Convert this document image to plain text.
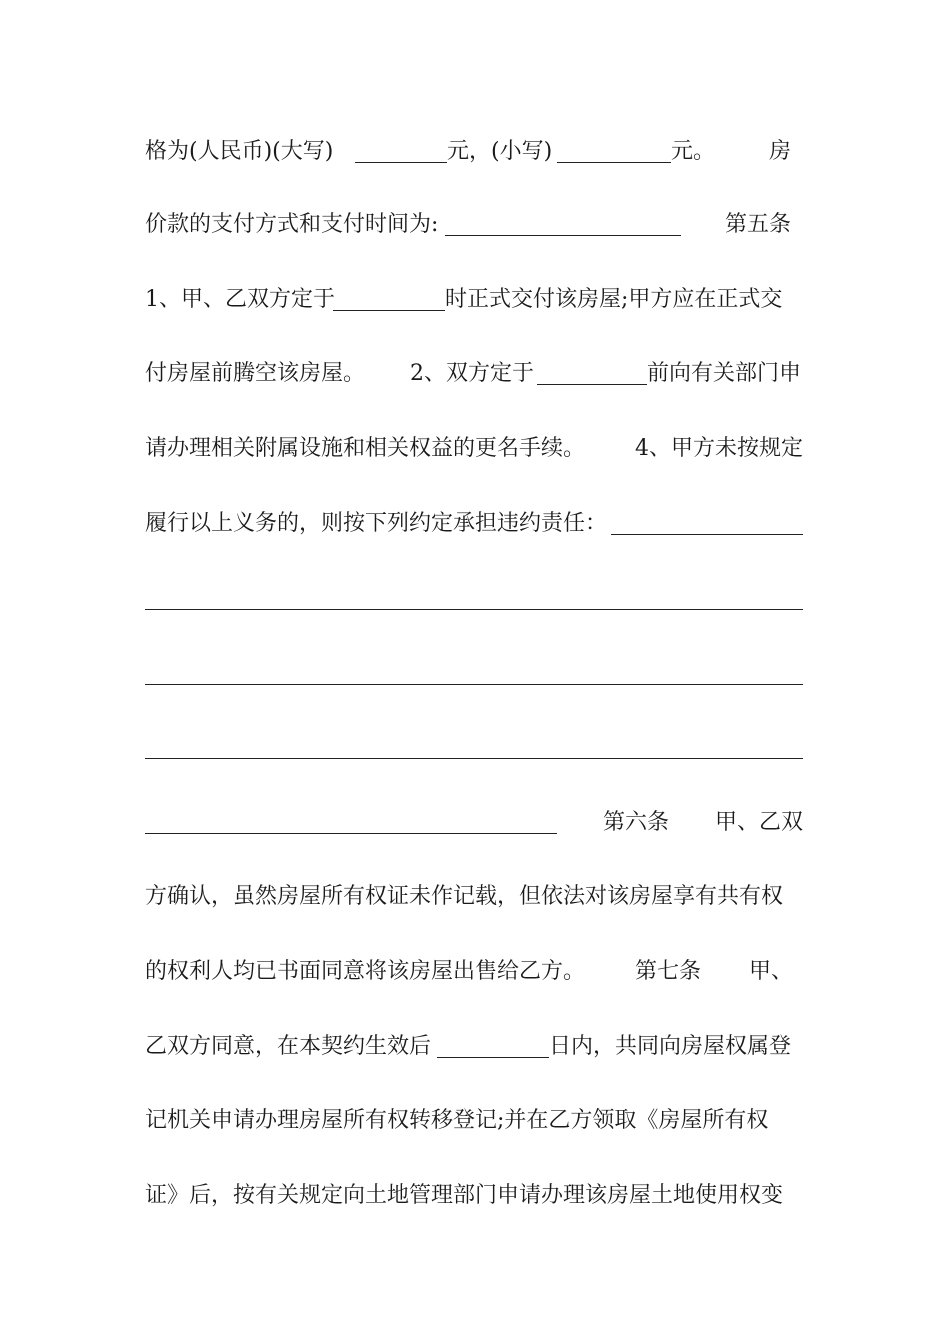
格为(人民币)(大写)	元，(小写)	元。 房
价款的支付方式和支付时间为:	第五条
1、甲、乙双方定于	时正式交付该房屋;甲方应在正式交
付房屋前腾空该房屋。 2、双方定于	前向有关部门申
请办理相关附属设施和相关权益的更名手续。 4、甲方未按规定
履行以上义务的，则按下列约定承担违约责任：
第六条 甲、乙双
方确认，虽然房屋所有权证未作记载，但依法对该房屋享有共有权
的权利人均已书面同意将该房屋出售给乙方。 第七条 甲、
乙双方同意，在本契约生效后	日内，共同向房屋权属登
记机关申请办理房屋所有权转移登记;并在乙方领取《房屋所有权
证》后，按有关规定向土地管理部门申请办理该房屋土地使用权变
